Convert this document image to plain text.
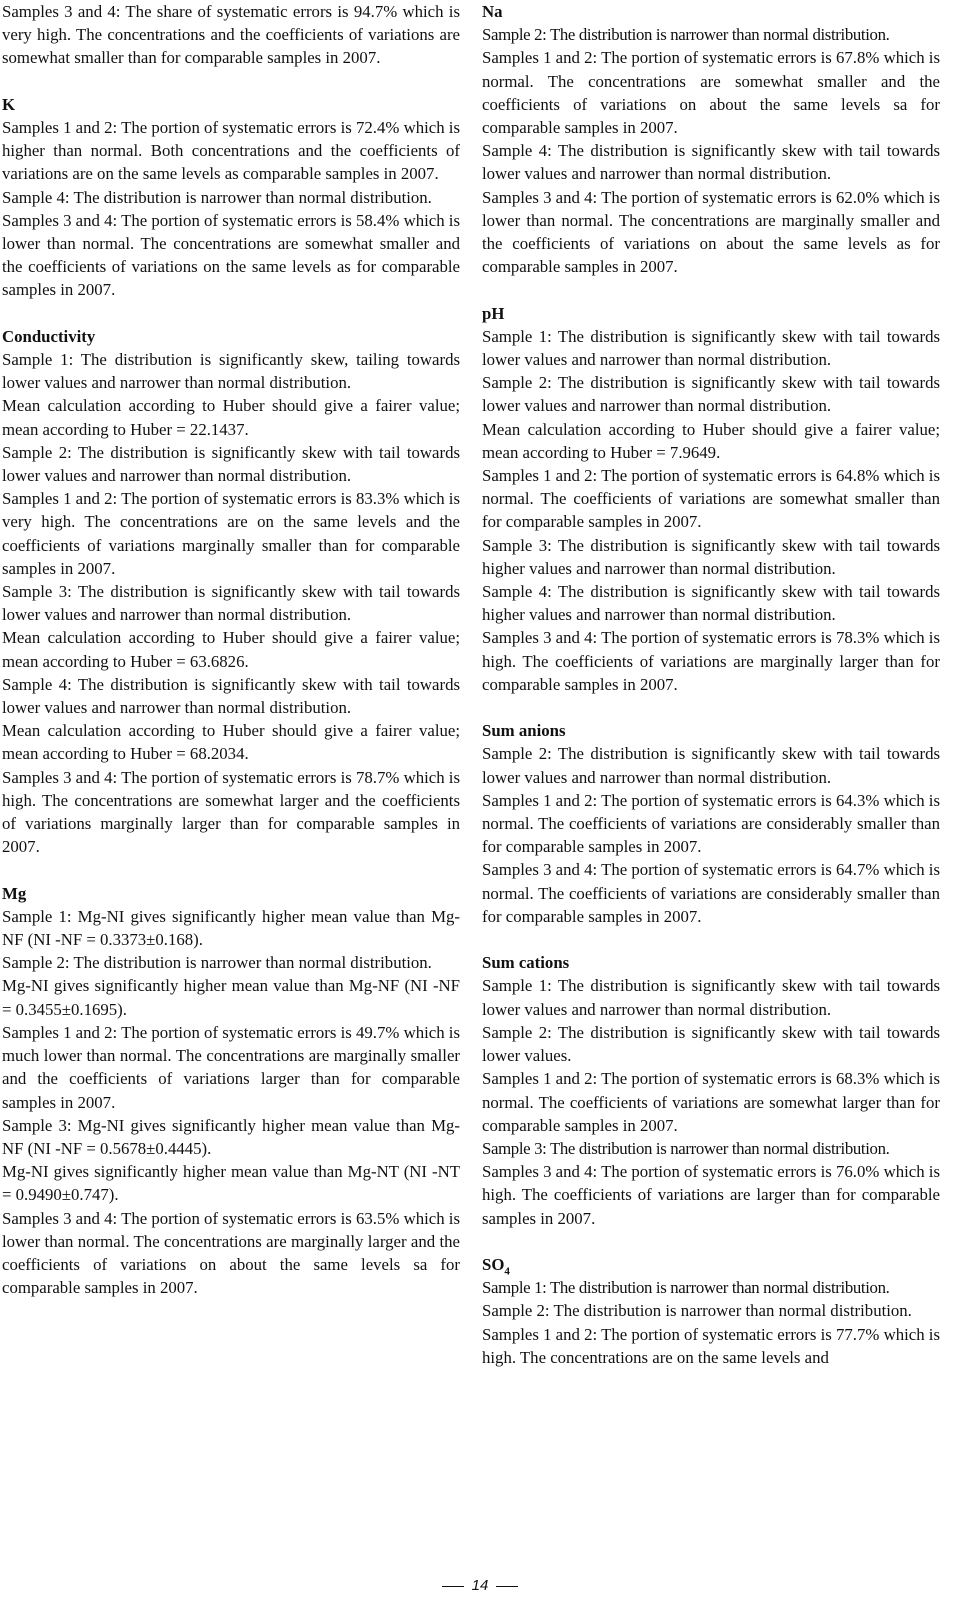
Samples 3 and 4: The share of systematic errors is 94.7% which is very high. The concentrations and the coefficients of variations are somewhat smaller than for comparable samples in 2007.

K

Samples 1 and 2: The portion of systematic errors is 72.4% which is higher than normal. Both concentrations and the coefficients of variations are on the same levels as comparable samples in 2007.

Sample 4: The distribution is narrower than normal distribution.

Samples 3 and 4: The portion of systematic errors is 58.4% which is lower than normal. The concentrations are somewhat smaller and the coefficients of variations on the same levels as for comparable samples in 2007.

Conductivity

Sample 1: The distribution is significantly skew, tailing towards lower values and narrower than normal distribution.

Mean calculation according to Huber should give a fairer value; mean according to Huber = 22.1437.

Sample 2: The distribution is significantly skew with tail towards lower values and narrower than normal distribution.

Samples 1 and 2: The portion of systematic errors is 83.3% which is very high. The concentrations are on the same levels and the coefficients of variations marginally smaller than for comparable samples in 2007.

Sample 3: The distribution is significantly skew with tail towards lower values and narrower than normal distribution.

Mean calculation according to Huber should give a fairer value; mean according to Huber = 63.6826.

Sample 4: The distribution is significantly skew with tail towards lower values and narrower than normal distribution.

Mean calculation according to Huber should give a fairer value; mean according to Huber = 68.2034.

Samples 3 and 4: The portion of systematic errors is 78.7% which is high. The concentrations are somewhat larger and the coefficients of variations marginally larger than for comparable samples in 2007.

Mg

Sample 1: Mg-NI gives significantly higher mean value than Mg-NF (NI -NF = 0.3373±0.168).

Sample 2: The distribution is narrower than normal distribution.

Mg-NI gives significantly higher mean value than Mg-NF (NI -NF = 0.3455±0.1695).

Samples 1 and 2: The portion of systematic errors is 49.7% which is much lower than normal. The concentrations are marginally smaller and the coefficients of variations larger than for comparable samples in 2007.

Sample 3: Mg-NI gives significantly higher mean value than Mg-NF (NI -NF = 0.5678±0.4445).

Mg-NI gives significantly higher mean value than Mg-NT (NI -NT = 0.9490±0.747).

Samples 3 and 4: The portion of systematic errors is 63.5% which is lower than normal. The concentrations are marginally larger and the coefficients of variations on about the same levels sa for comparable samples in 2007.

Na

Sample 2: The distribution is narrower than normal distribution.

Samples 1 and 2: The portion of systematic errors is 67.8% which is normal. The concentrations are somewhat smaller and the coefficients of variations on about the same levels sa for comparable samples in 2007.

Sample 4: The distribution is significantly skew with tail towards lower values and narrower than normal distribution.

Samples 3 and 4: The portion of systematic errors is 62.0% which is lower than normal. The concentrations are marginally smaller and the coefficients of variations on about the same levels as for comparable samples in 2007.

pH

Sample 1: The distribution is significantly skew with tail towards lower values and narrower than normal distribution.

Sample 2: The distribution is significantly skew with tail towards lower values and narrower than normal distribution.

Mean calculation according to Huber should give a fairer value; mean according to Huber = 7.9649.

Samples 1 and 2: The portion of systematic errors is 64.8% which is normal. The coefficients of variations are somewhat smaller than for comparable samples in 2007.

Sample 3: The distribution is significantly skew with tail towards higher values and narrower than normal distribution.

Sample 4: The distribution is significantly skew with tail towards higher values and narrower than normal distribution.

Samples 3 and 4: The portion of systematic errors is 78.3% which is high. The coefficients of variations are marginally larger than for comparable samples in 2007.

Sum anions

Sample 2: The distribution is significantly skew with tail towards lower values and narrower than normal distribution.

Samples 1 and 2: The portion of systematic errors is 64.3% which is normal. The coefficients of variations are considerably smaller than for comparable samples in 2007.

Samples 3 and 4: The portion of systematic errors is 64.7% which is normal. The coefficients of variations are considerably smaller than for comparable samples in 2007.

Sum cations

Sample 1: The distribution is significantly skew with tail towards lower values and narrower than normal distribution.

Sample 2: The distribution is significantly skew with tail towards lower values.

Samples 1 and 2: The portion of systematic errors is 68.3% which is normal. The coefficients of variations are somewhat larger than for comparable samples in 2007.

Sample 3: The distribution is narrower than normal distribution.

Samples 3 and 4: The portion of systematic errors is 76.0% which is high. The coefficients of variations are larger than for comparable samples in 2007.

$SO_4$

Sample 1: The distribution is narrower than normal distribution.

Sample 2: The distribution is narrower than normal distribution.

Samples 1 and 2: The portion of systematic errors is 77.7% which is high. The concentrations are on the same levels and

14
